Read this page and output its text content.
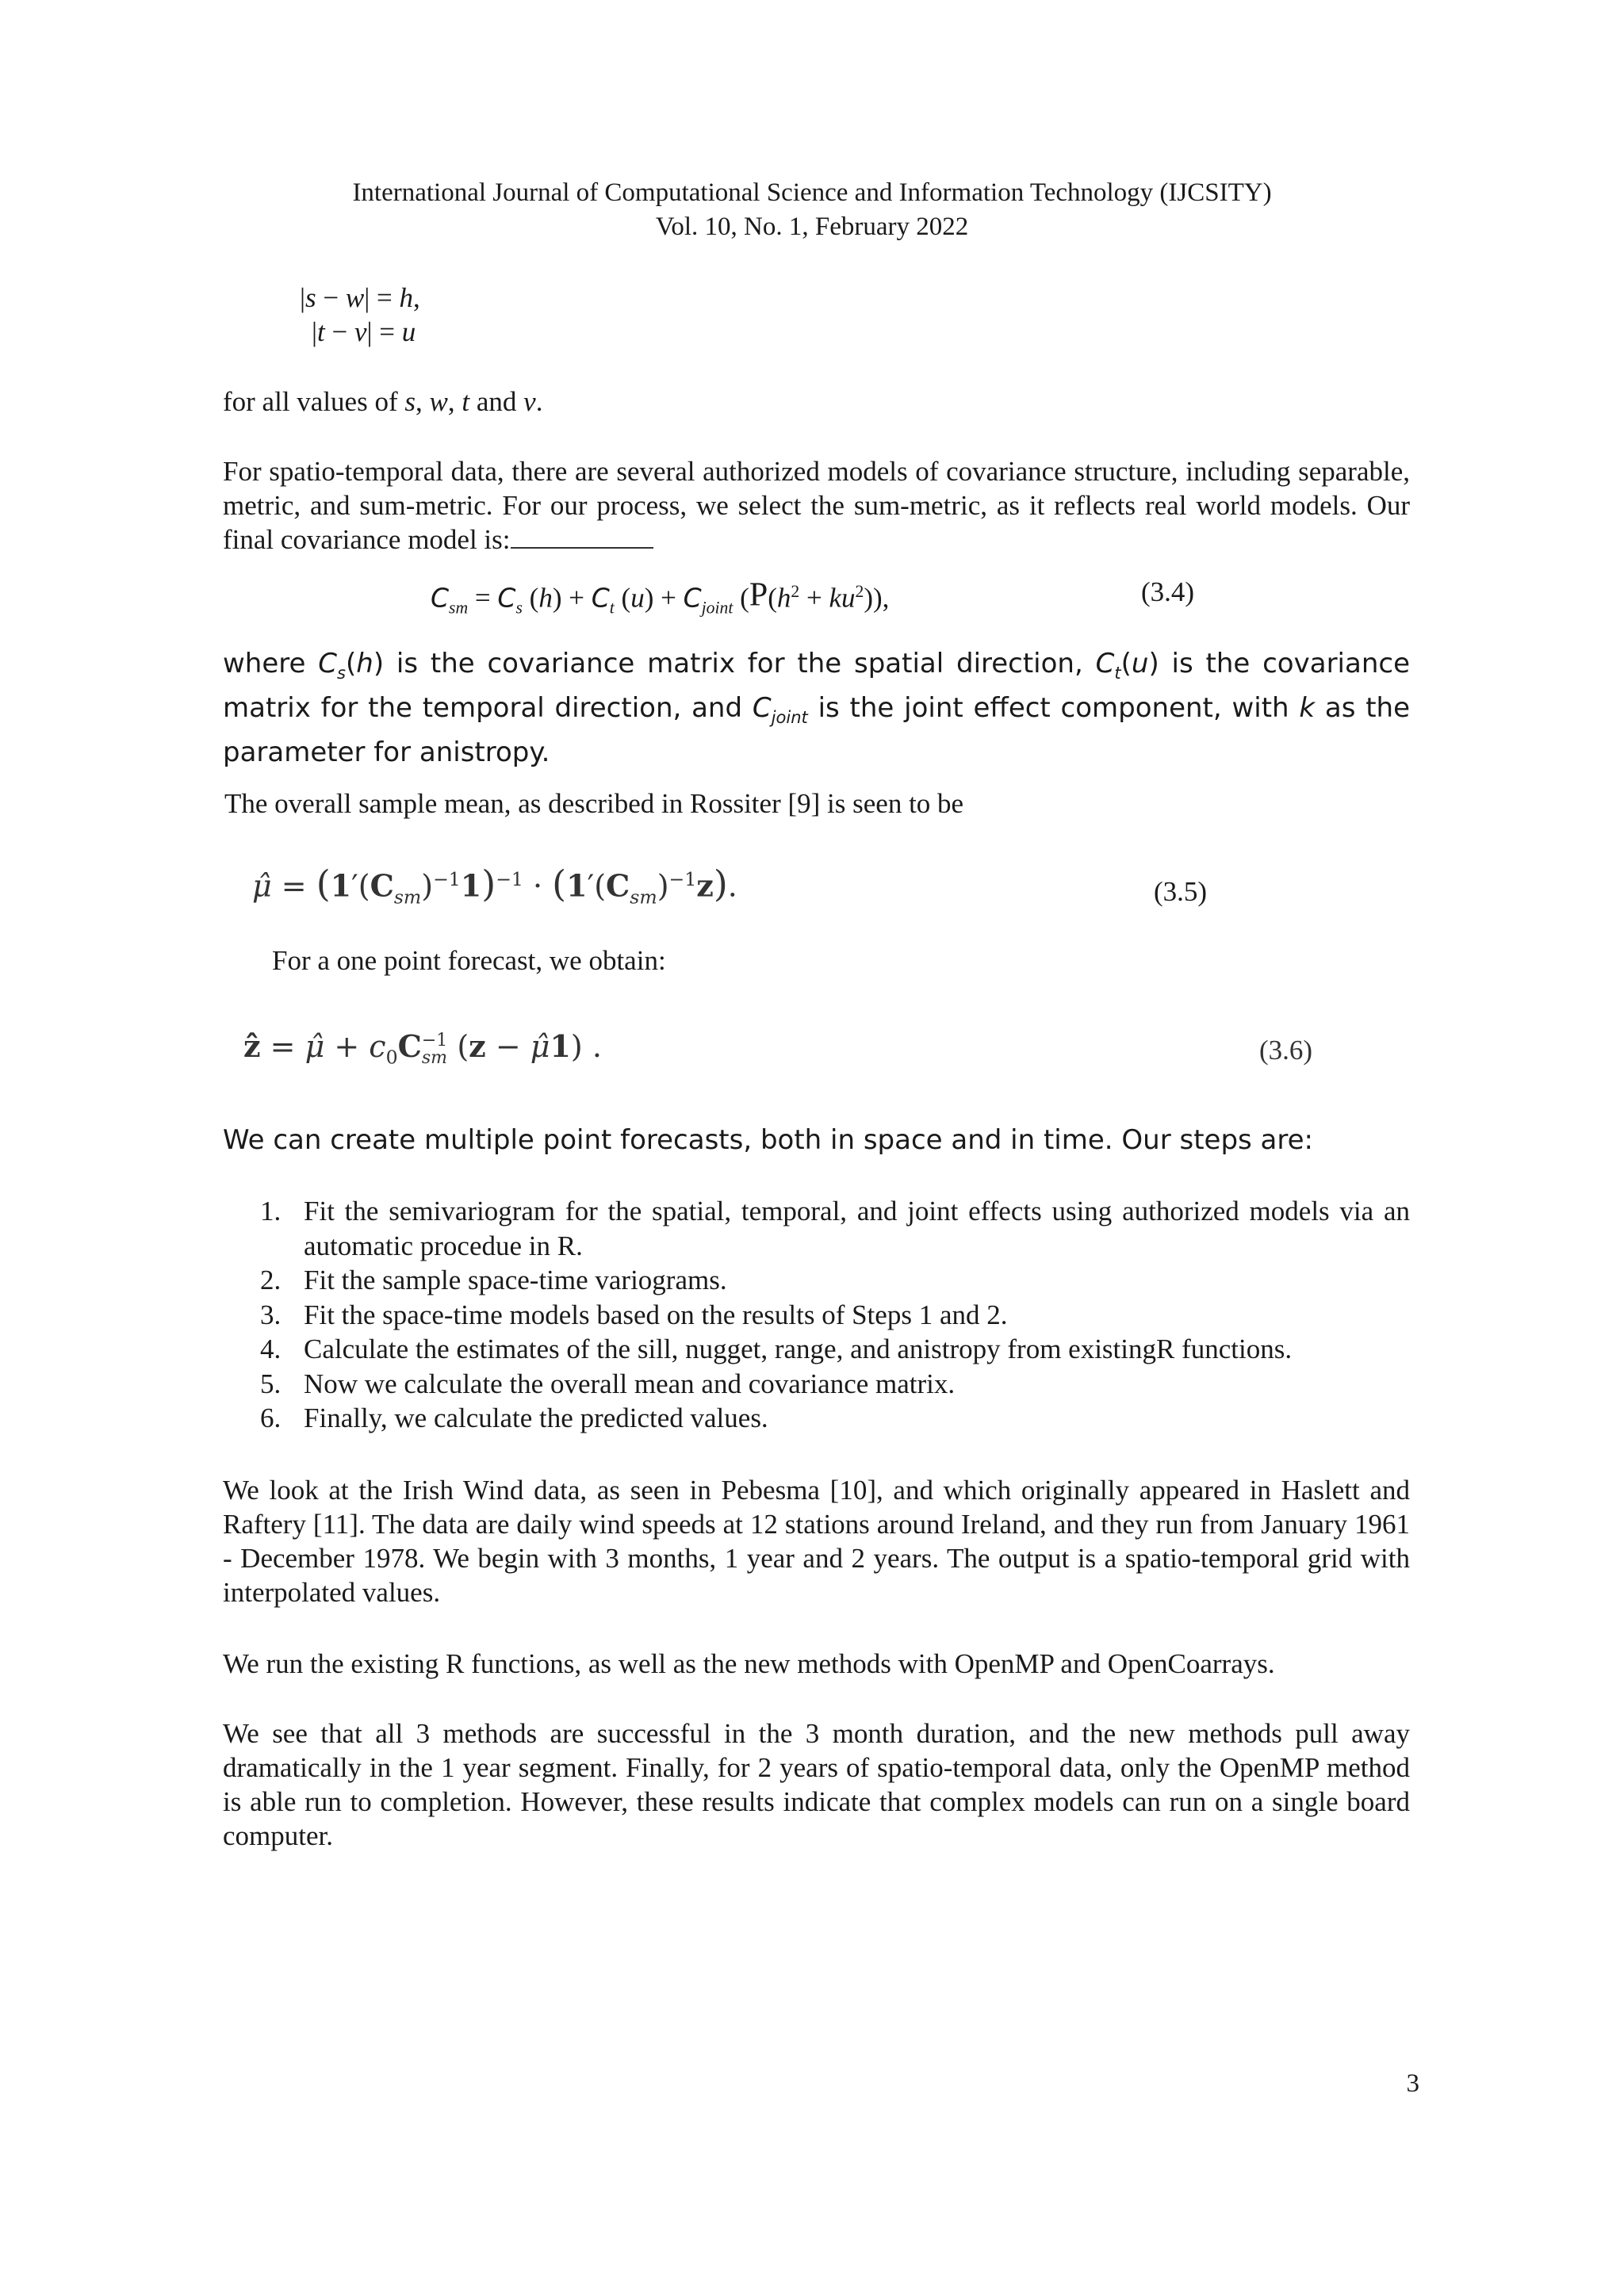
International Journal of Computational Science and Information Technology (IJCSITY)
Vol. 10, No. 1, February 2022
|s − w| = h,
|t − v| = u
for all values of s, w, t and v.
For spatio-temporal data, there are several authorized models of covariance structure, including separable, metric, and sum-metric. For our process, we select the sum-metric, as it reflects real world models. Our final covariance model is:
$C_{sm} = C_s$ $(h) + C_t$ $(u) + C_{joint}$ $(P(h^2 + ku^2))$,	(3.4)
where $C_s(h)$ is the covariance matrix for the spatial direction, $C_t(u)$ is the covariance matrix for the temporal direction, and $C_{joint}$ is the joint effect component, with k as the parameter for anistropy.
The overall sample mean, as described in Rossiter [9] is seen to be
μ̂ = $(1'(C_{sm})^{-1}1)^{-1} \cdot (1'(C_{sm})^{-1}z)$.	(3.5)
For a one point forecast, we obtain:
ẑ = μ̂ + $c_0C -1$
sm (z − μ̂1) .	(3.6)
We can create multiple point forecasts, both in space and in time. Our steps are:
1. Fit the semivariogram for the spatial, temporal, and joint effects using authorized models via an automatic procedue in R.
2. Fit the sample space-time variograms.
3. Fit the space-time models based on the results of Steps 1 and 2.
4. Calculate the estimates of the sill, nugget, range, and anistropy from existingR functions.
5. Now we calculate the overall mean and covariance matrix.
6. Finally, we calculate the predicted values.
We look at the Irish Wind data, as seen in Pebesma [10], and which originally appeared in Haslett and Raftery [11]. The data are daily wind speeds at 12 stations around Ireland, and they run from January 1961 - December 1978. We begin with 3 months, 1 year and 2 years. The output is a spatio-temporal grid with interpolated values.
We run the existing R functions, as well as the new methods with OpenMP and OpenCoarrays.
We see that all 3 methods are successful in the 3 month duration, and the new methods pull away dramatically in the 1 year segment. Finally, for 2 years of spatio-temporal data, only the OpenMP method is able run to completion. However, these results indicate that complex models can run on a single board computer.
3
